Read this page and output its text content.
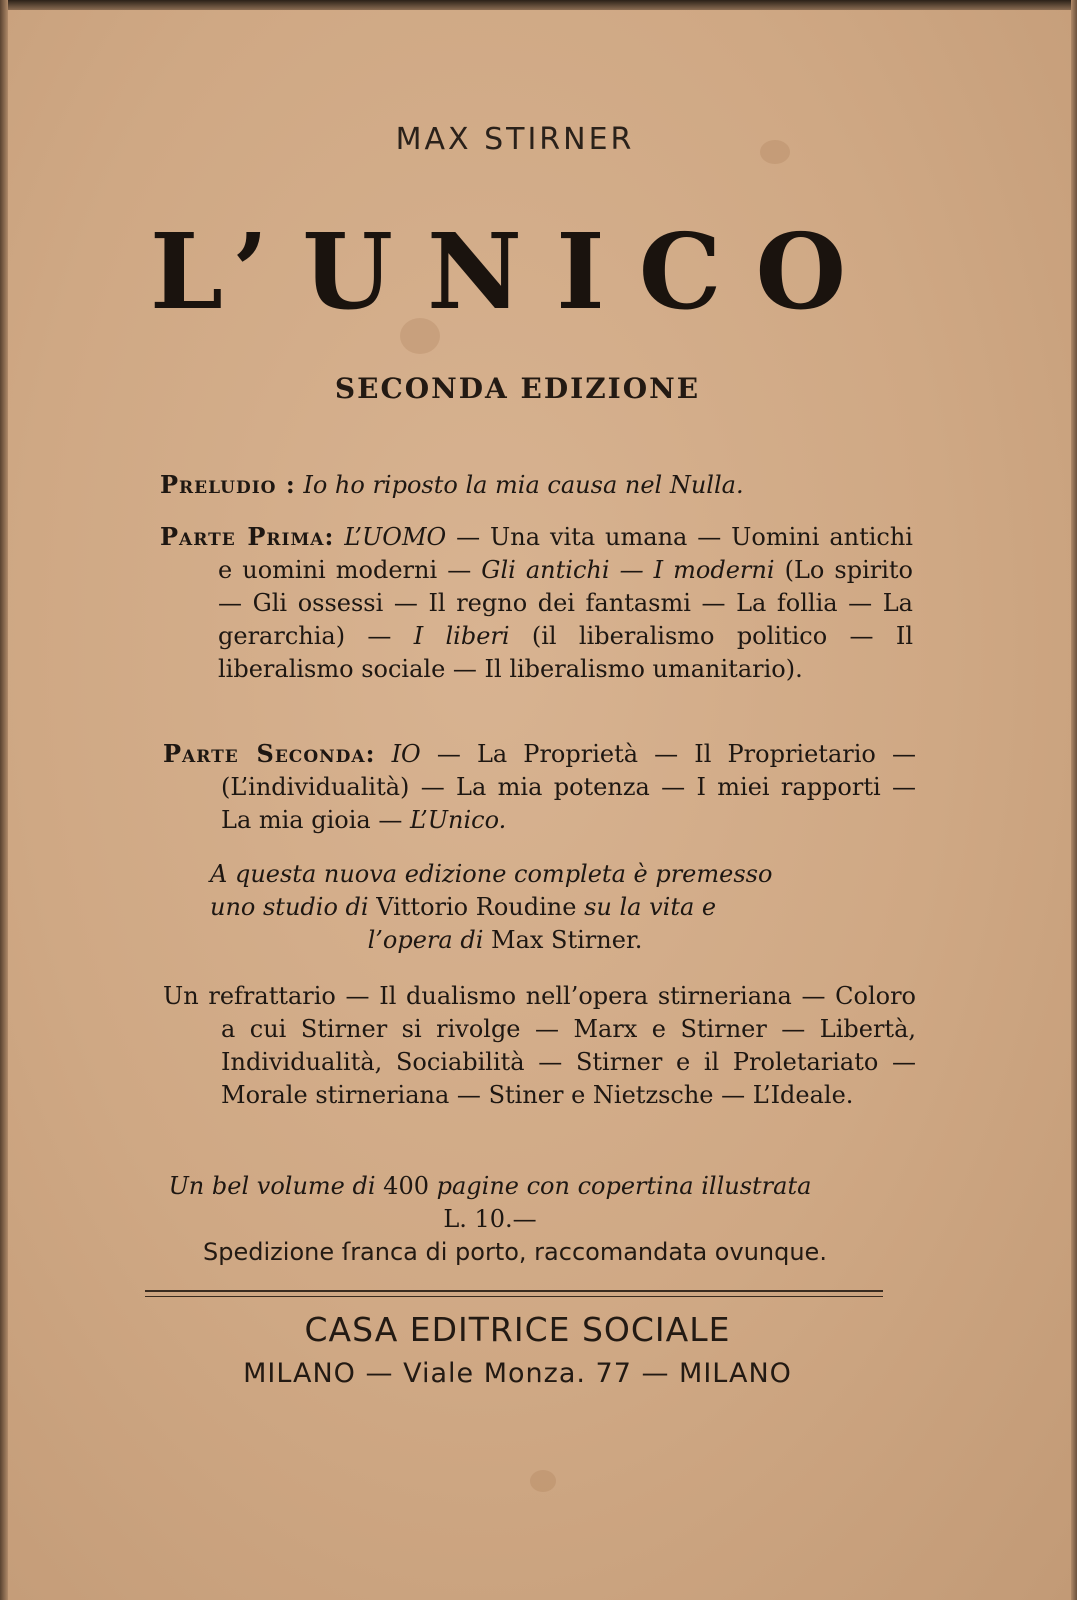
MAX STIRNER
L’UNICO
SECONDA EDIZIONE
Preludio : Io ho riposto la mia causa nel Nulla.
Parte Prima: L’UOMO — Una vita umana — Uomini antichi e uomini moderni — Gli antichi — I moderni (Lo spirito — Gli ossessi — Il regno dei fantasmi — La follia — La gerarchia) — I liberi (il liberalismo politico — Il liberalismo sociale — Il liberalismo umanitario).
Parte Seconda: IO — La Proprietà — Il Proprietario — (L’individualità) — La mia potenza — I miei rapporti — La mia gioia — L’Unico.
A questa nuova edizione completa è premesso
uno studio di Vittorio Roudine su la vita e
l’opera di Max Stirner.
Un refrattario — Il dualismo nell’opera stirneriana — Coloro a cui Stirner si rivolge — Marx e Stirner — Libertà, Individualità, Sociabilità — Stirner e il Proletariato — Morale stirneriana — Stiner e Nietzsche — L’Ideale.
Un bel volume di 400 pagine con copertina illustrata
L. 10.—
Spedizione ſranca di porto, raccomandata ovunque.
CASA EDITRICE SOCIALE
MILANO — Viale Monza. 77 — MILANO
